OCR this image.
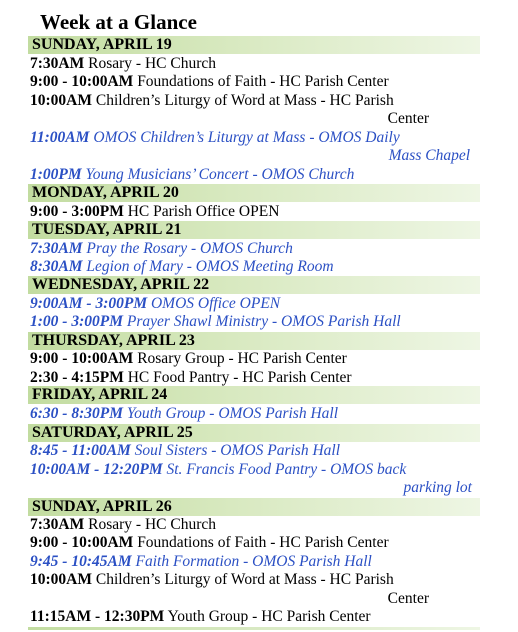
Week at a Glance
SUNDAY, APRIL 19
MONDAY, APRIL 20
TUESDAY, APRIL 21
WEDNESDAY, APRIL 22
THURSDAY, APRIL 23
FRIDAY, APRIL 24
SATURDAY, APRIL 25
SUNDAY, APRIL 26
7:30AM Rosary - HC Church
9:00 - 10:00AM Foundations of Faith - HC Parish Center
10:00AM Children’s Liturgy of Word at Mass - HC Parish
Center
11:00AM OMOS Children’s Liturgy at Mass - OMOS Daily
Mass Chapel
1:00PM Young Musicians’ Concert - OMOS Church
9:00 - 3:00PM HC Parish Office OPEN
7:30AM Pray the Rosary - OMOS Church
8:30AM Legion of Mary - OMOS Meeting Room
9:00AM - 3:00PM OMOS Office OPEN
1:00 - 3:00PM Prayer Shawl Ministry - OMOS Parish Hall
9:00 - 10:00AM Rosary Group - HC Parish Center
2:30 - 4:15PM HC Food Pantry - HC Parish Center
6:30 - 8:30PM Youth Group - OMOS Parish Hall
8:45 - 11:00AM Soul Sisters - OMOS Parish Hall
10:00AM - 12:20PM St. Francis Food Pantry - OMOS back
parking lot
7:30AM Rosary - HC Church
9:00 - 10:00AM Foundations of Faith - HC Parish Center
9:45 - 10:45AM Faith Formation - OMOS Parish Hall
10:00AM Children’s Liturgy of Word at Mass - HC Parish
Center
11:15AM - 12:30PM Youth Group - HC Parish Center
